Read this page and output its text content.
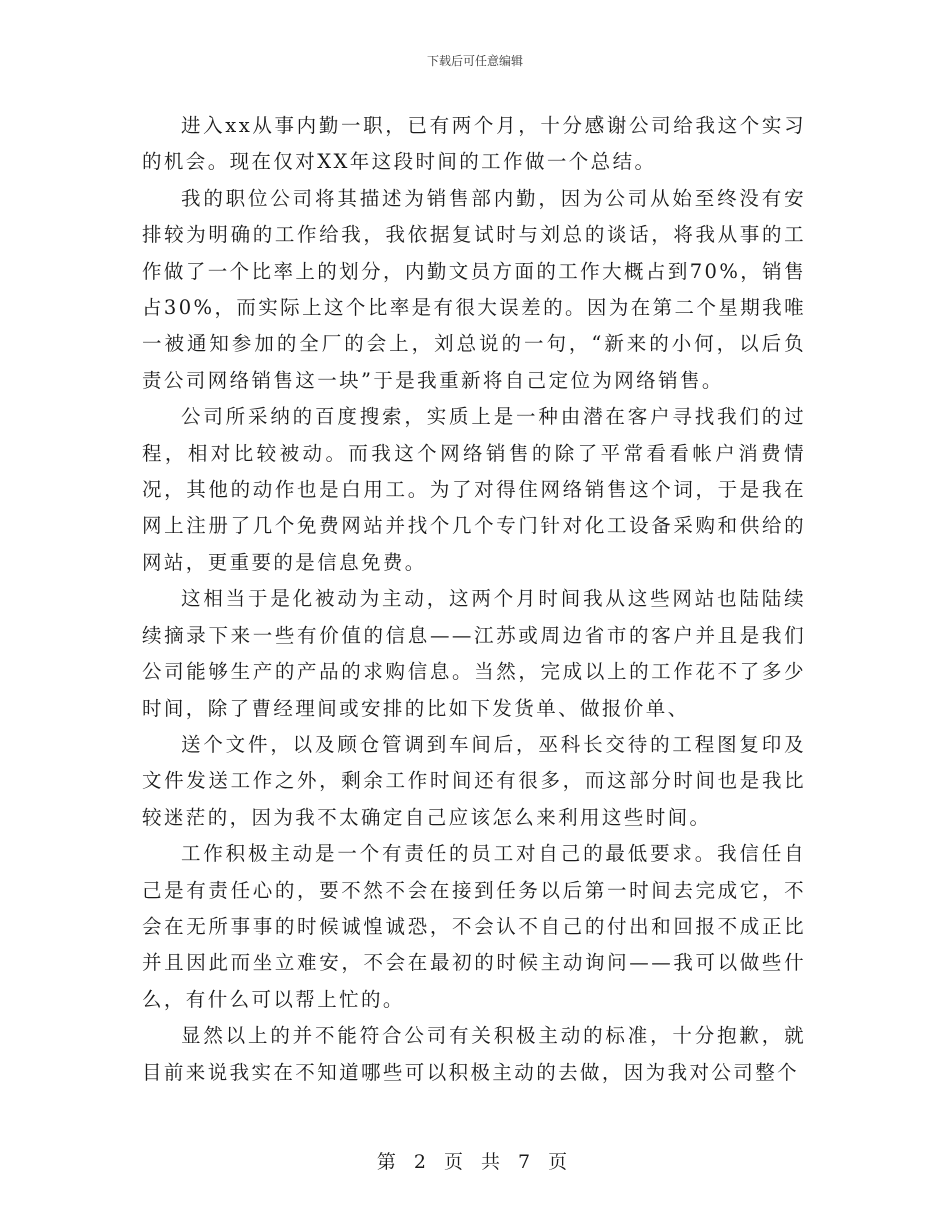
下载后可任意编辑

进入xx从事内勤一职，已有两个月，十分感谢公司给我这个实习的机会。现在仅对XX年这段时间的工作做一个总结。

我的职位公司将其描述为销售部内勤，因为公司从始至终没有安排较为明确的工作给我，我依据复试时与刘总的谈话，将我从事的工作做了一个比率上的划分，内勤文员方面的工作大概占到70%，销售占30%，而实际上这个比率是有很大误差的。因为在第二个星期我唯一被通知参加的全厂的会上，刘总说的一句，“新来的小何，以后负责公司网络销售这一块”于是我重新将自己定位为网络销售。

公司所采纳的百度搜索，实质上是一种由潜在客户寻找我们的过程，相对比较被动。而我这个网络销售的除了平常看看帐户消费情况，其他的动作也是白用工。为了对得住网络销售这个词，于是我在网上注册了几个免费网站并找个几个专门针对化工设备采购和供给的网站，更重要的是信息免费。

这相当于是化被动为主动，这两个月时间我从这些网站也陆陆续续摘录下来一些有价值的信息——江苏或周边省市的客户并且是我们公司能够生产的产品的求购信息。当然，完成以上的工作花不了多少时间，除了曹经理间或安排的比如下发货单、做报价单、

送个文件，以及顾仓管调到车间后，巫科长交待的工程图复印及文件发送工作之外，剩余工作时间还有很多，而这部分时间也是我比较迷茫的，因为我不太确定自己应该怎么来利用这些时间。

工作积极主动是一个有责任的员工对自己的最低要求。我信任自己是有责任心的，要不然不会在接到任务以后第一时间去完成它，不会在无所事事的时候诚惶诚恐，不会认不自己的付出和回报不成正比并且因此而坐立难安，不会在最初的时候主动询问——我可以做些什么，有什么可以帮上忙的。

显然以上的并不能符合公司有关积极主动的标准，十分抱歉，就目前来说我实在不知道哪些可以积极主动的去做，因为我对公司整个

第 2 页 共 7 页
